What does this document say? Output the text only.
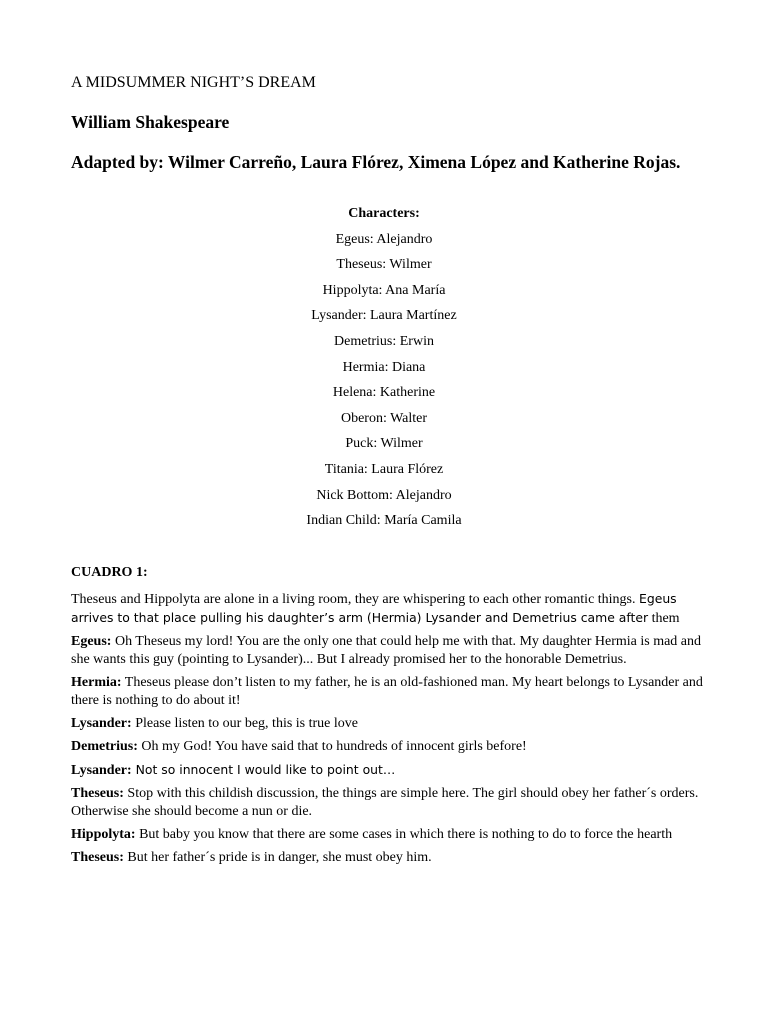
A MIDSUMMER NIGHT’S DREAM
William Shakespeare
Adapted by: Wilmer Carreño, Laura Flórez, Ximena López and Katherine Rojas.
Characters:
Egeus: Alejandro
Theseus: Wilmer
Hippolyta: Ana María
Lysander: Laura Martínez
Demetrius: Erwin
Hermia: Diana
Helena: Katherine
Oberon: Walter
Puck: Wilmer
Titania: Laura Flórez
Nick Bottom: Alejandro
Indian Child: María Camila
CUADRO 1:
Theseus and Hippolyta are alone in a living room, they are whispering to each other romantic things. Egeus arrives to that place pulling his daughter’s arm (Hermia) Lysander and Demetrius came after them
Egeus: Oh Theseus my lord! You are the only one that could help me with that. My daughter Hermia is mad and she wants this guy (pointing to Lysander)... But I already promised her to the honorable Demetrius.
Hermia: Theseus please don’t listen to my father, he is an old-fashioned man. My heart belongs to Lysander and there is nothing to do about it!
Lysander: Please listen to our beg, this is true love
Demetrius: Oh my God! You have said that to hundreds of innocent girls before!
Lysander: Not so innocent I would like to point out…
Theseus: Stop with this childish discussion, the things are simple here. The girl should obey her father´s orders. Otherwise she should become a nun or die.
Hippolyta: But baby you know that there are some cases in which there is nothing to do to force the hearth
Theseus: But her father´s pride is in danger, she must obey him.
